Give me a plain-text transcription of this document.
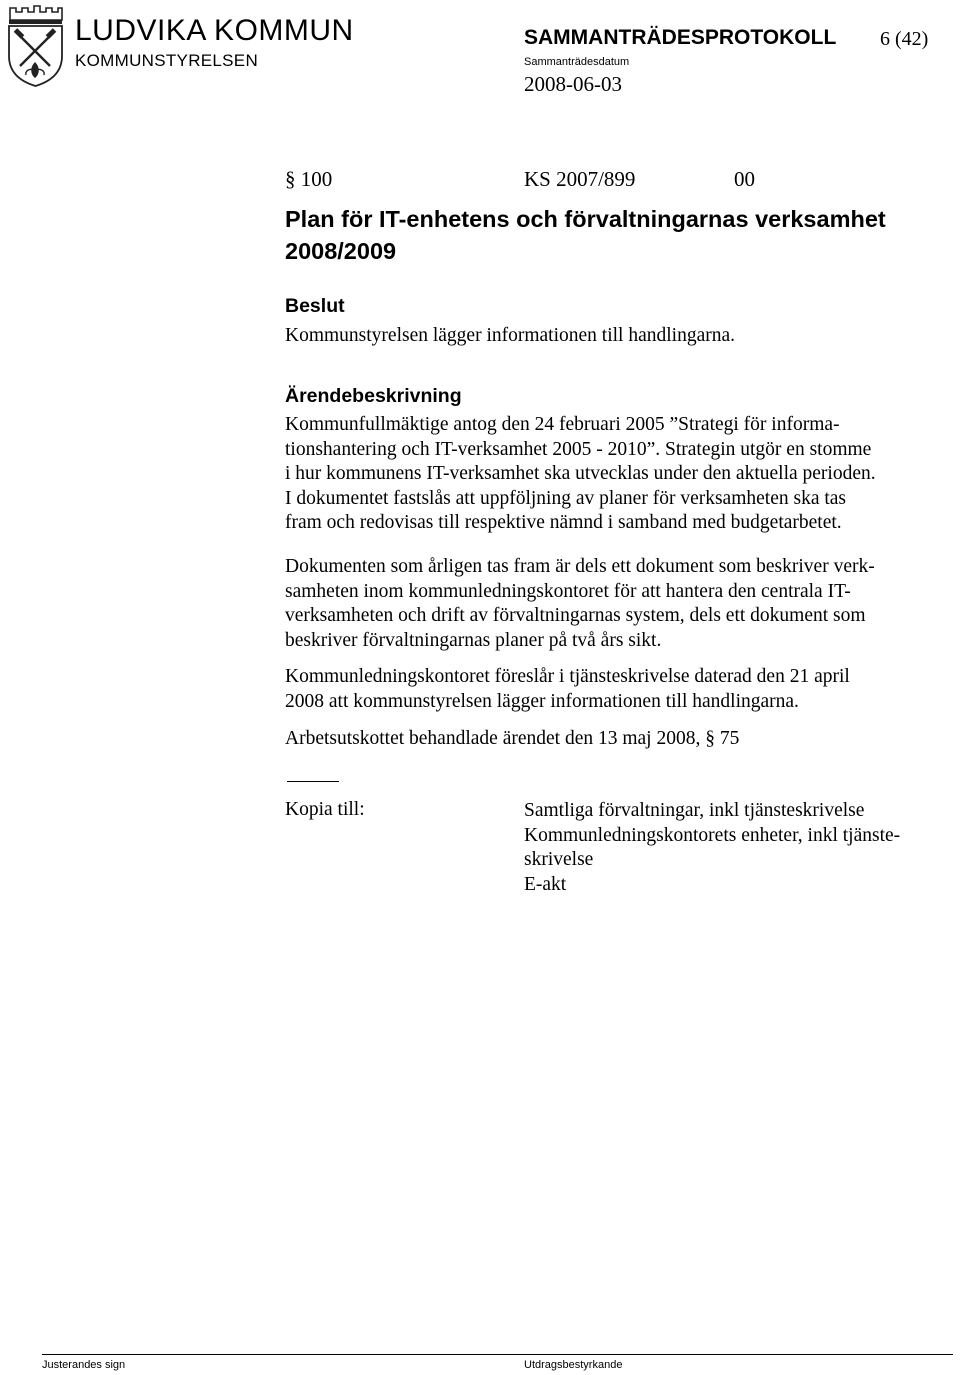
LUDVIKA KOMMUN
KOMMUNSTYRELSEN
SAMMANTRÄDESPROTOKOLL 6 (42)
Sammanträdesdatum
2008-06-03
§ 100	KS 2007/899	00
Plan för IT-enhetens och förvaltningarnas verksamhet
2008/2009
Beslut
Kommunstyrelsen lägger informationen till handlingarna.
Ärendebeskrivning
Kommunfullmäktige antog den 24 februari 2005 ”Strategi för informa-
tionshantering och IT-verksamhet 2005 - 2010”. Strategin utgör en stomme
i hur kommunens IT-verksamhet ska utvecklas under den aktuella perioden.
I dokumentet fastslås att uppföljning av planer för verksamheten ska tas
fram och redovisas till respektive nämnd i samband med budgetarbetet.
Dokumenten som årligen tas fram är dels ett dokument som beskriver verk-
samheten inom kommunledningskontoret för att hantera den centrala IT-
verksamheten och drift av förvaltningarnas system, dels ett dokument som
beskriver förvaltningarnas planer på två års sikt.
Kommunledningskontoret föreslår i tjänsteskrivelse daterad den 21 april
2008 att kommunstyrelsen lägger informationen till handlingarna.
Arbetsutskottet behandlade ärendet den 13 maj 2008, § 75
Kopia till:	Samtliga förvaltningar, inkl tjänsteskrivelse
Kommunledningskontorets enheter, inkl tjänste-
skrivelse
E-akt
Justerandes sign	Utdragsbestyrkande
